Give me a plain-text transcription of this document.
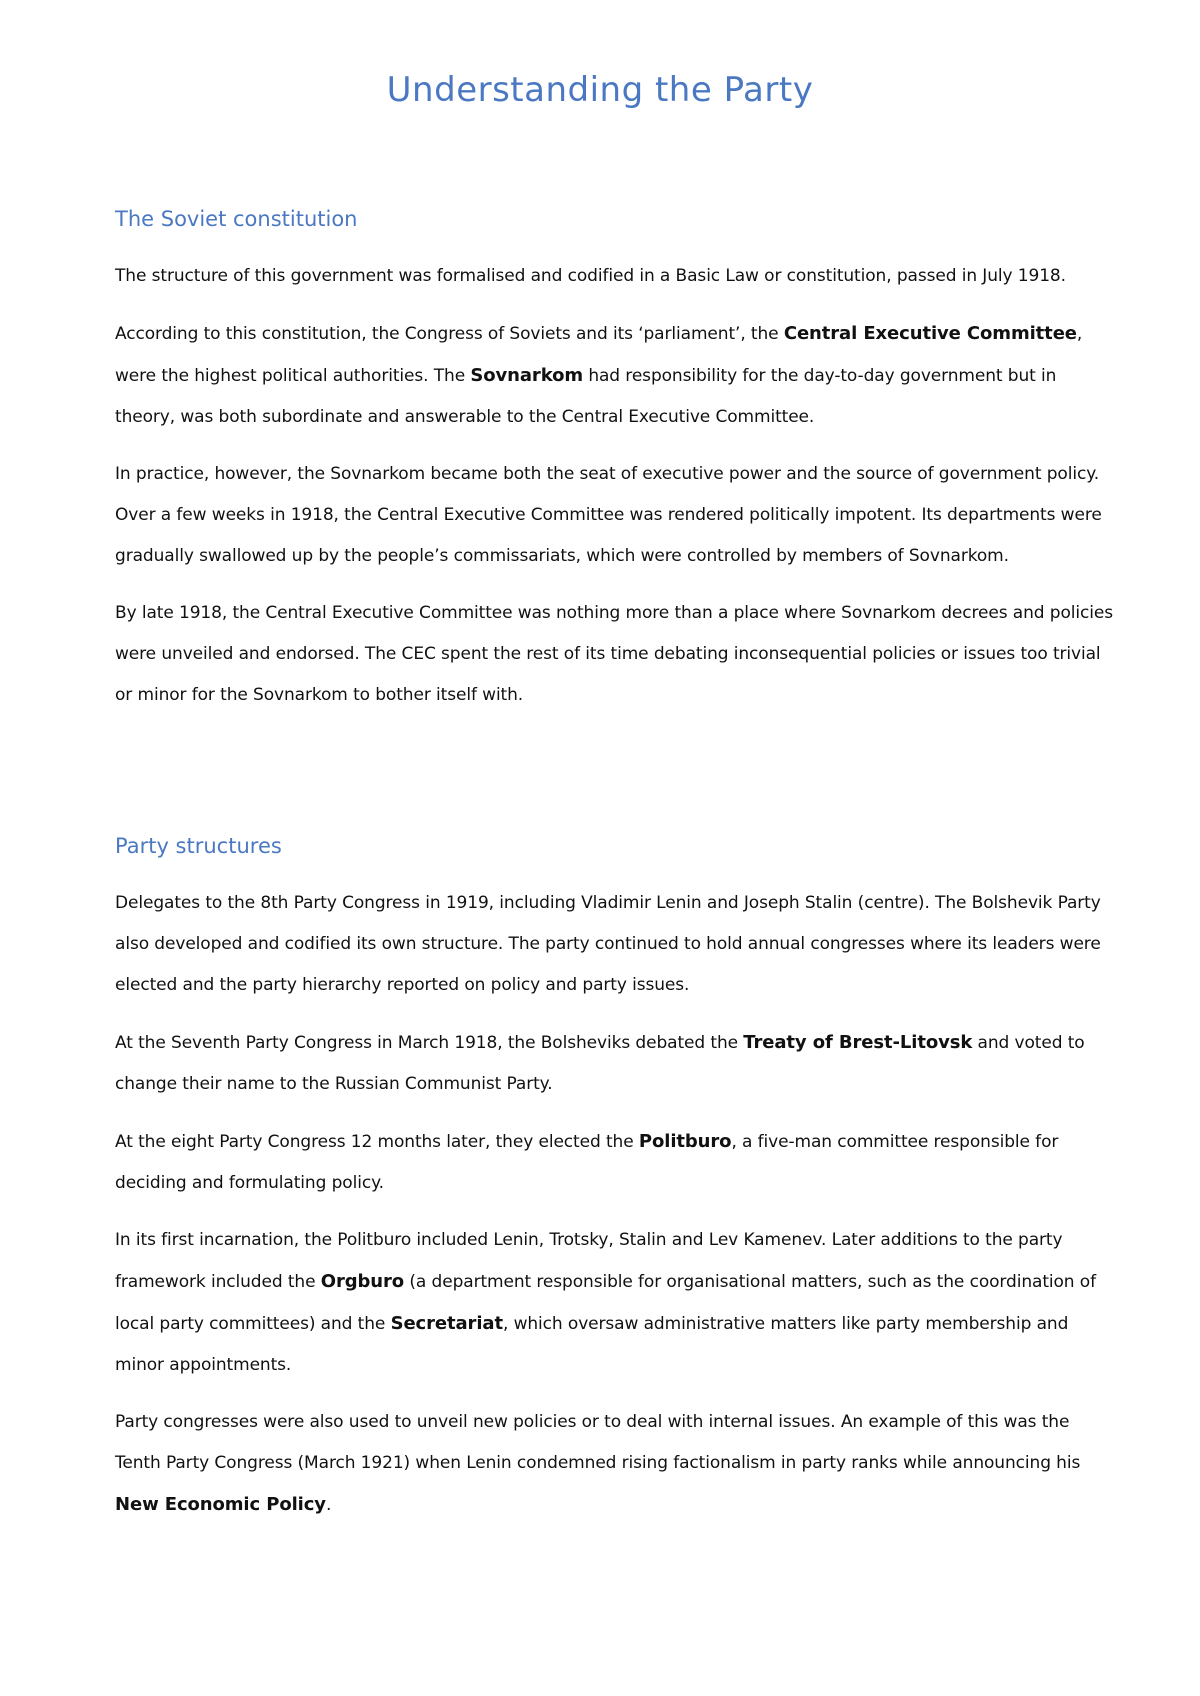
Understanding the Party
The Soviet constitution

The structure of this government was formalised and codified in a Basic Law or constitution, passed in July 1918.

According to this constitution, the Congress of Soviets and its ‘parliament’, the Central Executive Committee, were the highest political authorities. The Sovnarkom had responsibility for the day-to-day government but in theory, was both subordinate and answerable to the Central Executive Committee.

In practice, however, the Sovnarkom became both the seat of executive power and the source of government policy. Over a few weeks in 1918, the Central Executive Committee was rendered politically impotent. Its departments were gradually swallowed up by the people’s commissariats, which were controlled by members of Sovnarkom.

By late 1918, the Central Executive Committee was nothing more than a place where Sovnarkom decrees and policies were unveiled and endorsed. The CEC spent the rest of its time debating inconsequential policies or issues too trivial or minor for the Sovnarkom to bother itself with.

Party structures

Delegates to the 8th Party Congress in 1919, including Vladimir Lenin and Joseph Stalin (centre). The Bolshevik Party also developed and codified its own structure. The party continued to hold annual congresses where its leaders were elected and the party hierarchy reported on policy and party issues.

At the Seventh Party Congress in March 1918, the Bolsheviks debated the Treaty of Brest-Litovsk and voted to change their name to the Russian Communist Party.

At the eight Party Congress 12 months later, they elected the Politburo, a five-man committee responsible for deciding and formulating policy.

In its first incarnation, the Politburo included Lenin, Trotsky, Stalin and Lev Kamenev. Later additions to the party framework included the Orgburo (a department responsible for organisational matters, such as the coordination of local party committees) and the Secretariat, which oversaw administrative matters like party membership and minor appointments.

Party congresses were also used to unveil new policies or to deal with internal issues. An example of this was the Tenth Party Congress (March 1921) when Lenin condemned rising factionalism in party ranks while announcing his New Economic Policy.
